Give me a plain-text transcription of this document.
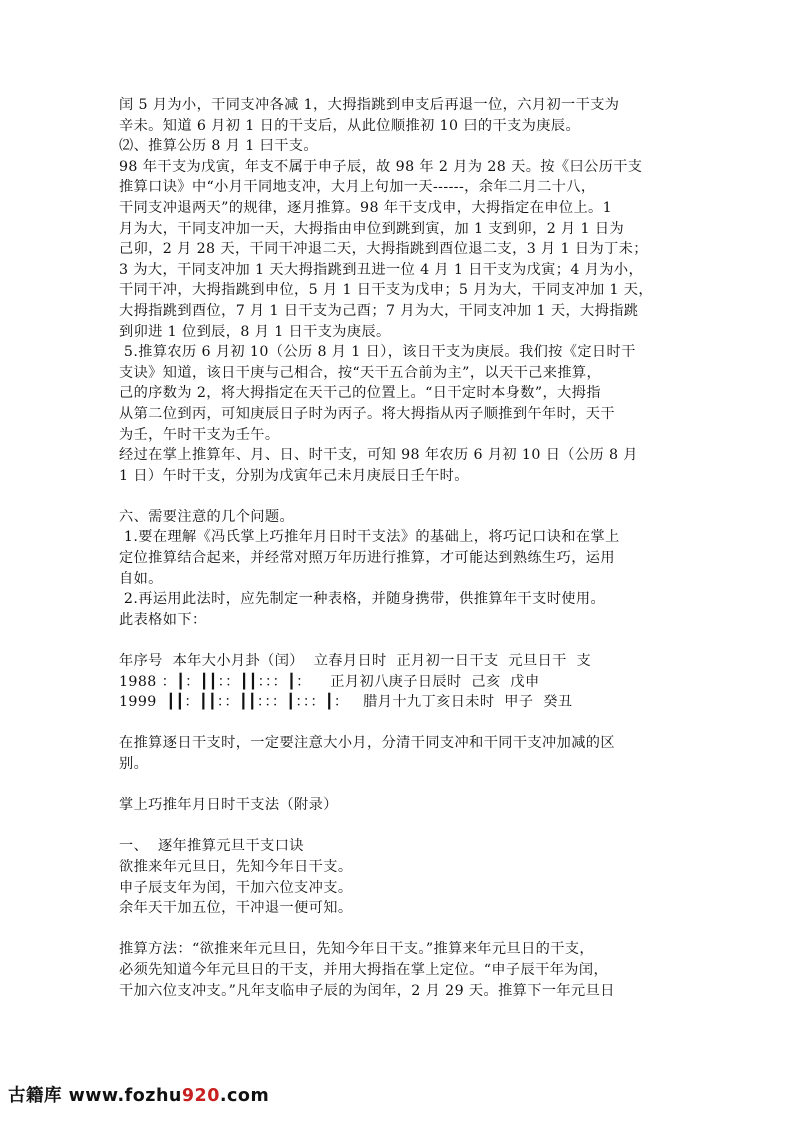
闰 5 月为小，干同支冲各减 1，大拇指跳到申支后再退一位，六月初一干支为
辛未。知道 6 月初 1 日的干支后，从此位顺推初 10 曰的干支为庚辰。
⑵、推算公历 8 月 1 曰干支。
98 年干支为戊寅，年支不属于申子辰，故 98 年 2 月为 28 天。按《曰公历干支
推算口诀》中“小月干同地支冲，大月上句加一天------，余年二月二十八，
干同支冲退两天”的规律，逐月推算。98 年干支戊申，大拇指定在申位上。1
月为大，干同支冲加一天，大拇指由申位到跳到寅，加 1 支到卯，2 月 1 日为
己卯，2 月 28 天，干同干冲退二天，大拇指跳到酉位退二支，3 月 1 日为丁未；
3 为大，干同支冲加 1 天大拇指跳到丑进一位 4 月 1 日干支为戊寅；4 月为小，
干同干冲，大拇指跳到申位，5 月 1 日干支为戊申；5 月为大，干同支冲加 1 天，
大拇指跳到酉位，7 月 1 日干支为己酉；7 月为大，干同支冲加 1 天，大拇指跳
到卯进 1 位到辰，8 月 1 日干支为庚辰。
5.推算农历 6 月初 10（公历 8 月 1 日），该日干支为庚辰。我们按《定日时干
支诀》知道，该日干庚与己相合，按“天干五合前为主”，以天干己来推算，
己的序数为 2，将大拇指定在天干己的位置上。“日干定时本身数”，大拇指
从第二位到丙，可知庚辰日子时为丙子。将大拇指从丙子顺推到午年时，天干
为壬，午时干支为壬午。
经过在掌上推算年、月、日、时干支，可知 98 年农历 6 月初 10 日（公历 8 月
1 日）午时干支，分别为戊寅年己未月庚辰日壬午时。
六、需要注意的几个问题。
1.要在理解《冯氏掌上巧推年月日时干支法》的基础上，将巧记口诀和在掌上
定位推算结合起来，并经常对照万年历进行推算，才可能达到熟练生巧，运用
自如。
2.再运用此法时，应先制定一种表格，并随身携带，供推算年干支时使用。
此表格如下：
年序号  本年大小月卦（闰）  立春月日时  正月初一日干支  元旦日干  支
1988 ：┃：┃┃：：┃┃：：：┃：    正月初八庚子日辰时  己亥  戊申
1999  ┃┃：┃┃：：┃┃：：：┃：：：┃：   腊月十九丁亥日未时  甲子  癸丑
在推算逐日干支时，一定要注意大小月，分清干同支冲和干同干支冲加减的区
别。
掌上巧推年月日时干支法（附录）
一、  逐年推算元旦干支口诀
欲推来年元旦日，先知今年日干支。
申子辰支年为闰，干加六位支冲支。
余年天干加五位，干冲退一便可知。
推算方法：“欲推来年元旦日，先知今年日干支。”推算来年元旦日的干支，
必须先知道今年元旦日的干支，并用大拇指在掌上定位。“申子辰干年为闰，
干加六位支冲支。”凡年支临申子辰的为闰年，2 月 29 天。推算下一年元旦日
古籍库 www.fozhu920.com
